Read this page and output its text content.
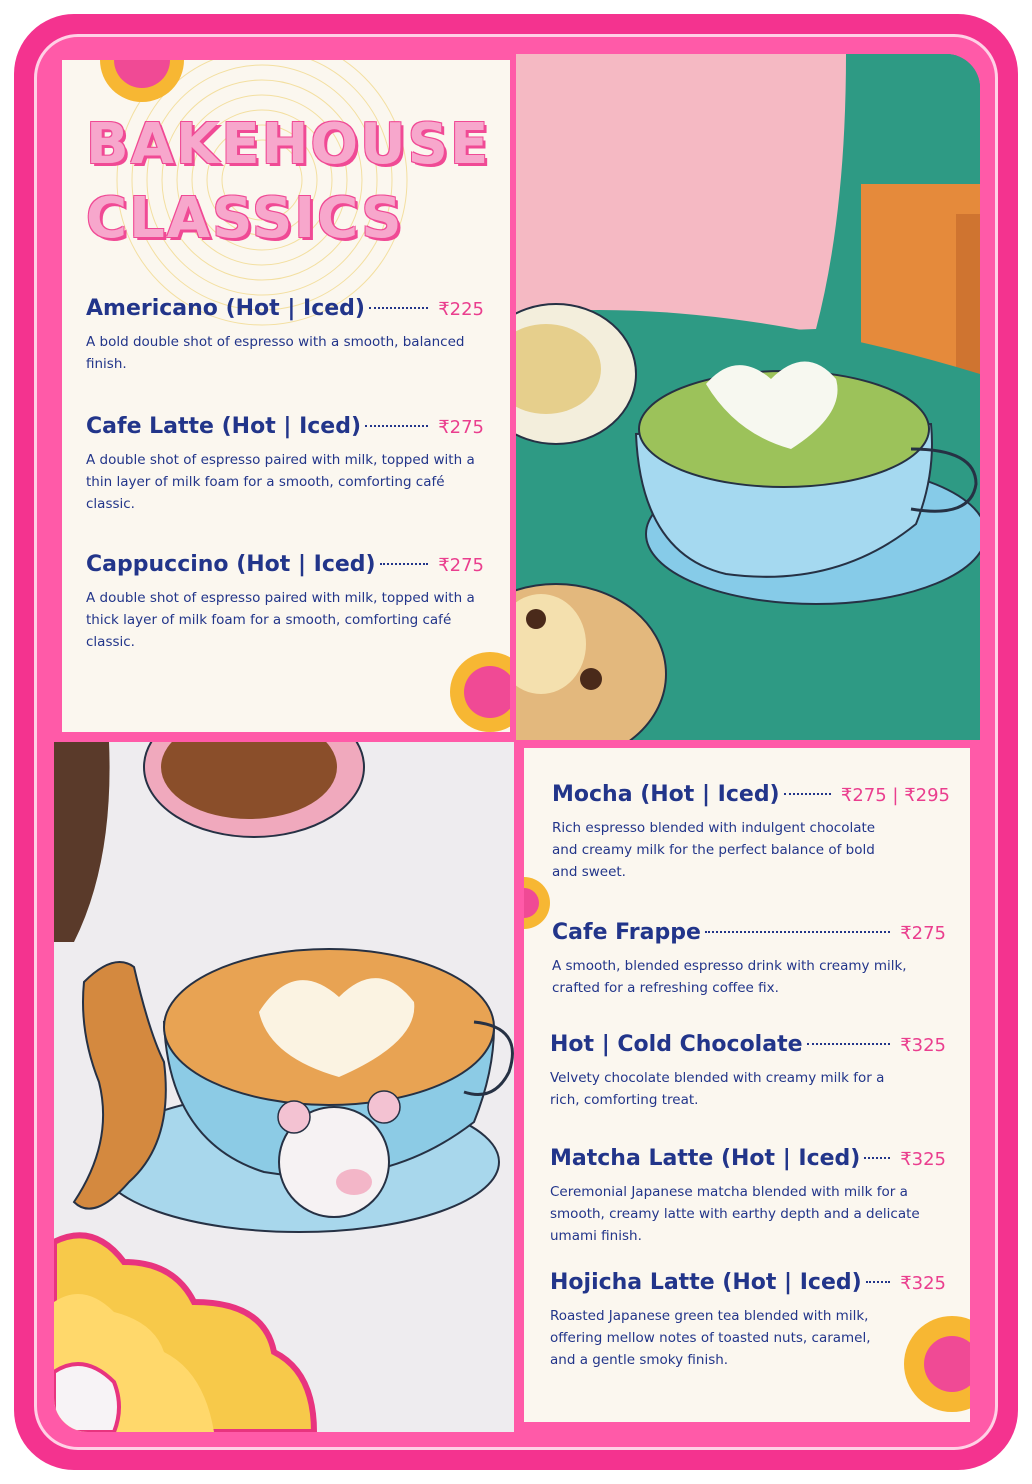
BAKEHOUSE
CLASSICS
Americano (Hot | Iced)	₹225
A bold double shot of espresso with a smooth, balanced finish.
Cafe Latte (Hot | Iced)	₹275
A double shot of espresso paired with milk, topped with a thin layer of milk foam for a smooth, comforting café classic.
Cappuccino (Hot | Iced)	₹275
A double shot of espresso paired with milk, topped with a thick layer of milk foam for a smooth, comforting café classic.
Mocha (Hot | Iced)	₹275 | ₹295
Rich espresso blended with indulgent chocolate and creamy milk for the perfect balance of bold and sweet.
Cafe Frappe	₹275
A smooth, blended espresso drink with creamy milk, crafted for a refreshing coffee fix.
Hot | Cold Chocolate	₹325
Velvety chocolate blended with creamy milk for a rich, comforting treat.
Matcha Latte (Hot | Iced) ₹325
Ceremonial Japanese matcha blended with milk for a smooth, creamy latte with earthy depth and a delicate umami finish.
Hojicha Latte (Hot | Iced) ₹325
Roasted Japanese green tea blended with milk, offering mellow notes of toasted nuts, caramel, and a gentle smoky finish.
